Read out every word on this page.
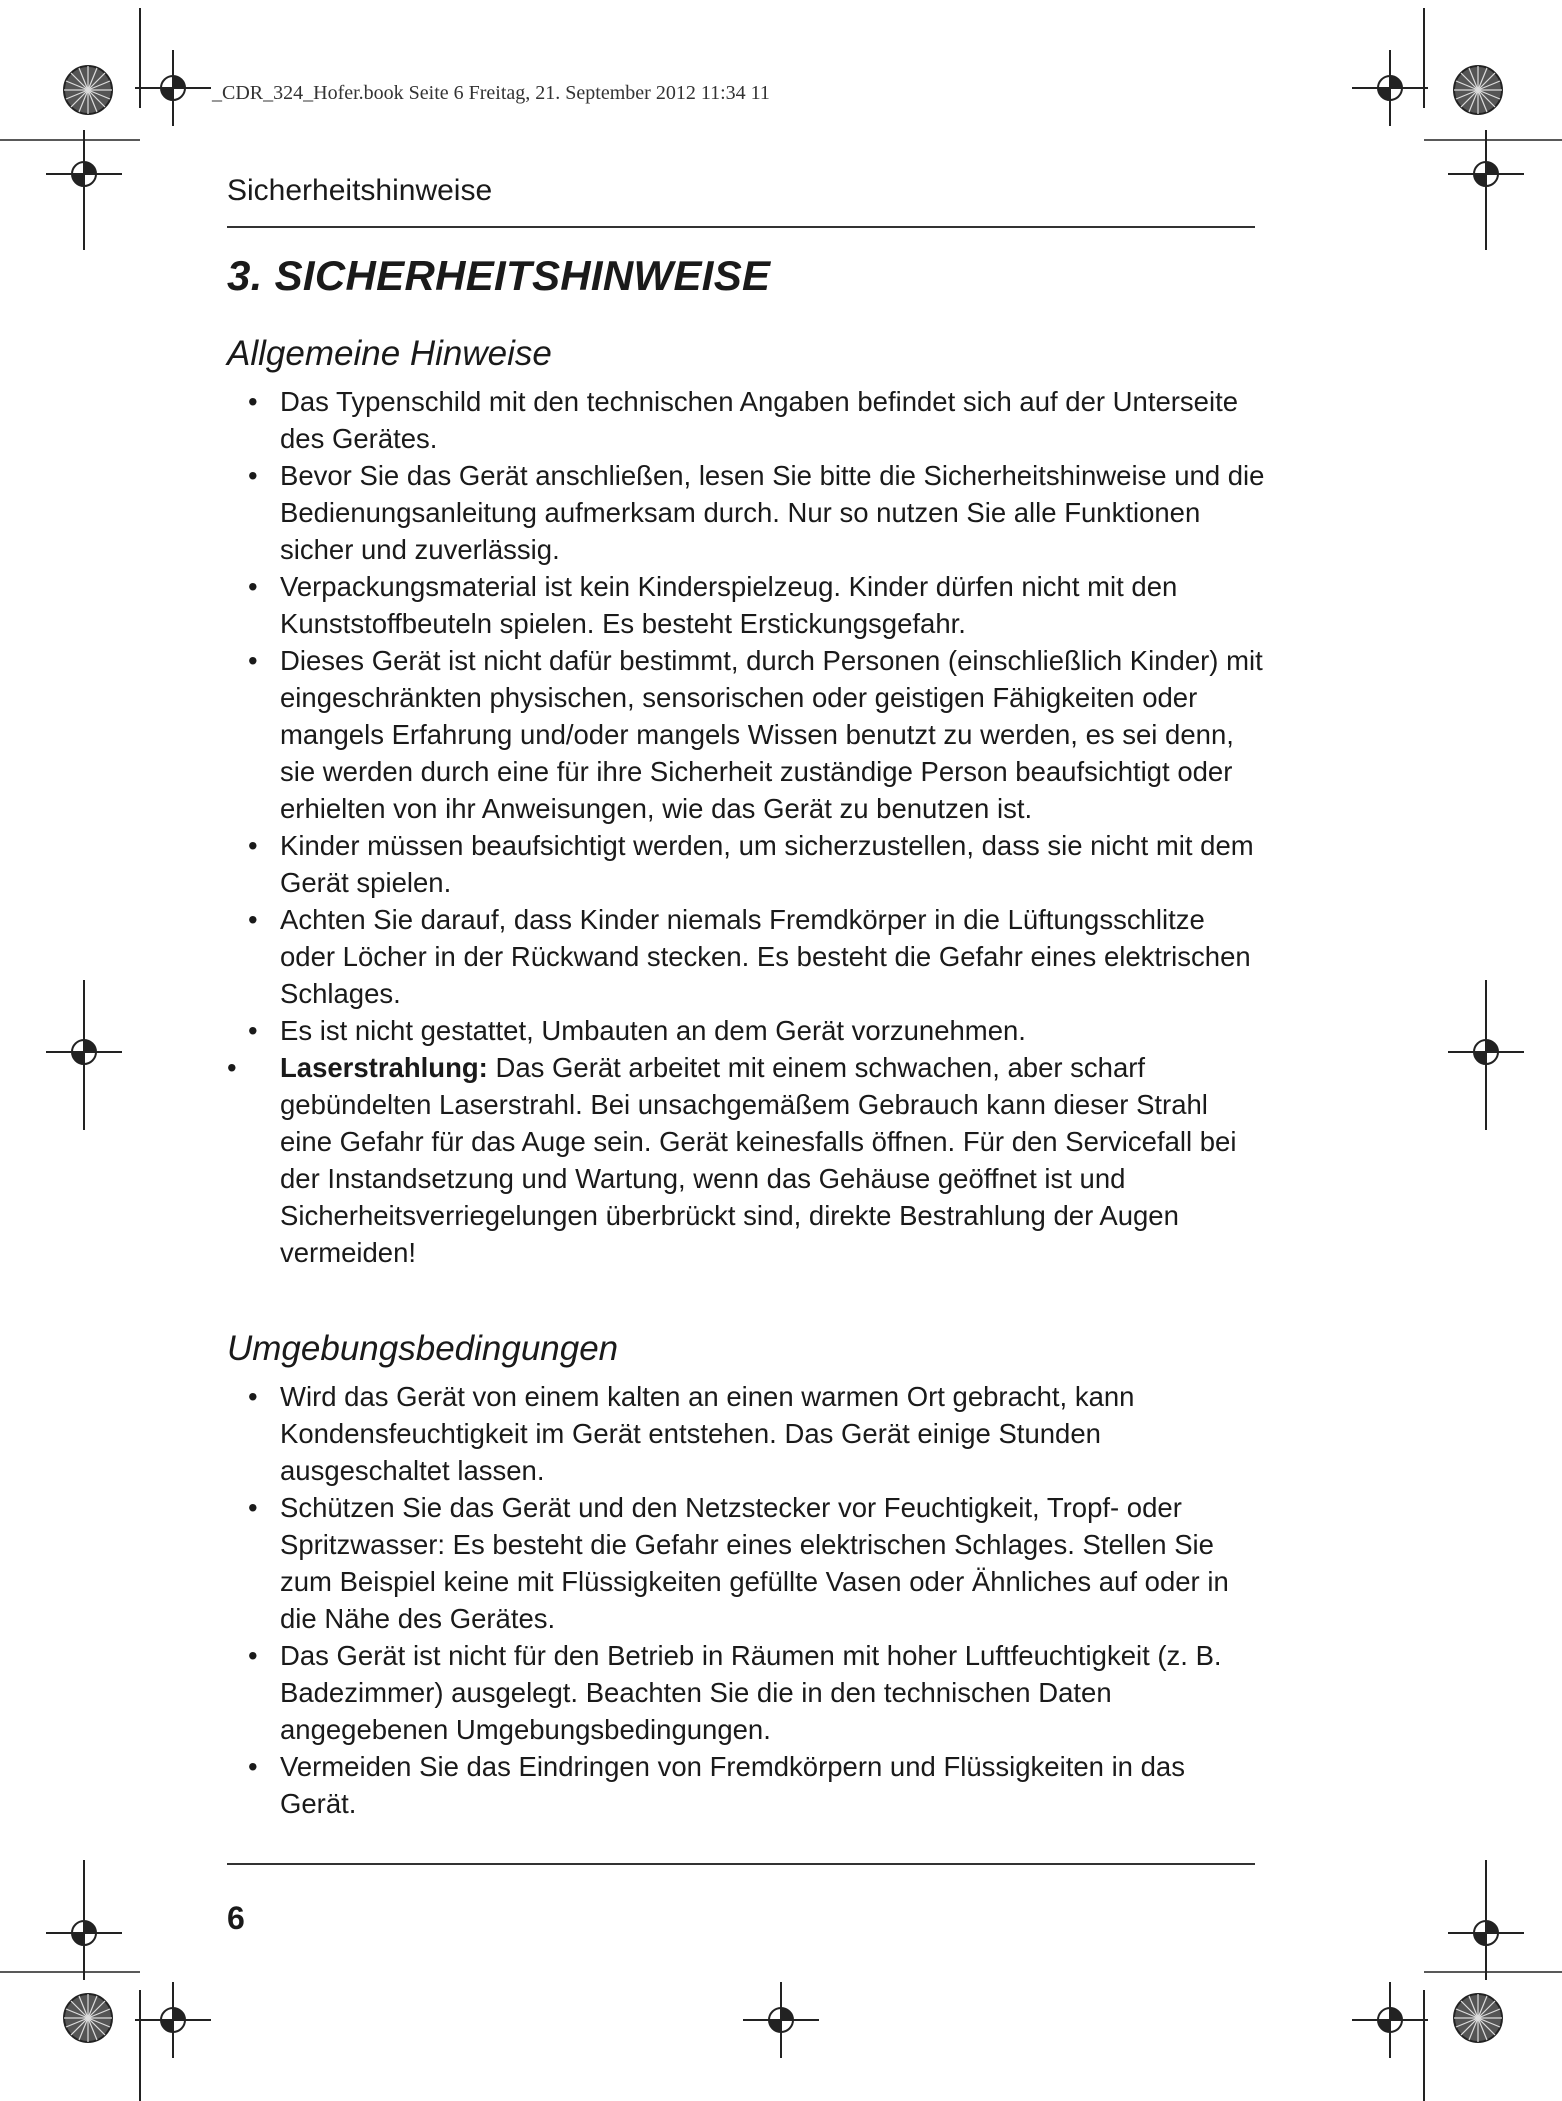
_CDR_324_Hofer.book Seite 6 Freitag, 21. September 2012 11:34 11
Sicherheitshinweise
3. SICHERHEITSHINWEISE
Allgemeine Hinweise
• Das Typenschild mit den technischen Angaben befindet sich auf der Unterseite des Gerätes.
• Bevor Sie das Gerät anschließen, lesen Sie bitte die Sicherheitshinweise und die Bedienungsanleitung aufmerksam durch. Nur so nutzen Sie alle Funktionen sicher und zuverlässig.
• Verpackungsmaterial ist kein Kinderspielzeug. Kinder dürfen nicht mit den Kunststoffbeuteln spielen. Es besteht Erstickungsgefahr.
• Dieses Gerät ist nicht dafür bestimmt, durch Personen (einschließlich Kinder) mit eingeschränkten physischen, sensorischen oder geistigen Fähigkeiten oder mangels Erfahrung und/oder mangels Wissen benutzt zu werden, es sei denn, sie werden durch eine für ihre Sicherheit zuständige Person beaufsichtigt oder erhielten von ihr Anweisungen, wie das Gerät zu benutzen ist.
• Kinder müssen beaufsichtigt werden, um sicherzustellen, dass sie nicht mit dem Gerät spielen.
• Achten Sie darauf, dass Kinder niemals Fremdkörper in die Lüftungsschlitze oder Löcher in der Rückwand stecken. Es besteht die Gefahr eines elektrischen Schlages.
• Es ist nicht gestattet, Umbauten an dem Gerät vorzunehmen.
• Laserstrahlung: Das Gerät arbeitet mit einem schwachen, aber scharf gebündelten Laserstrahl. Bei unsachgemäßem Gebrauch kann dieser Strahl eine Gefahr für das Auge sein. Gerät keinesfalls öffnen. Für den Servicefall bei der Instandsetzung und Wartung, wenn das Gehäuse geöffnet ist und Sicherheitsverriegelungen überbrückt sind, direkte Bestrahlung der Augen vermeiden!
Umgebungsbedingungen
• Wird das Gerät von einem kalten an einen warmen Ort gebracht, kann Kondensfeuchtigkeit im Gerät entstehen. Das Gerät einige Stunden ausgeschaltet lassen.
• Schützen Sie das Gerät und den Netzstecker vor Feuchtigkeit, Tropf- oder Spritzwasser: Es besteht die Gefahr eines elektrischen Schlages. Stellen Sie zum Beispiel keine mit Flüssigkeiten gefüllte Vasen oder Ähnliches auf oder in die Nähe des Gerätes.
• Das Gerät ist nicht für den Betrieb in Räumen mit hoher Luftfeuchtigkeit (z. B. Badezimmer) ausgelegt. Beachten Sie die in den technischen Daten angegebenen Umgebungsbedingungen.
• Vermeiden Sie das Eindringen von Fremdkörpern und Flüssigkeiten in das Gerät.
6
